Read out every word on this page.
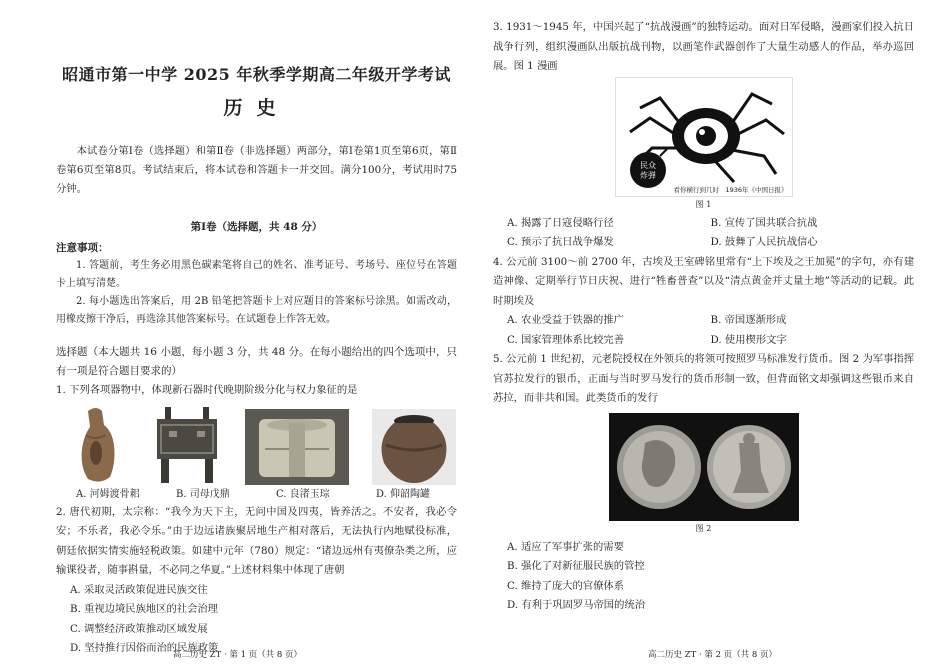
昭通市第一中学 2025 年秋季学期高二年级开学考试

历史

本试卷分第Ⅰ卷（选择题）和第Ⅱ卷（非选择题）两部分，第Ⅰ卷第1页至第6页，第Ⅱ卷第6页至第8页。考试结束后，将本试卷和答题卡一并交回。满分100分，考试用时75分钟。

第Ⅰ卷（选择题，共 48 分）

注意事项：

1. 答题前，考生务必用黑色碳素笔将自己的姓名、准考证号、考场号、座位号在答题卡上填写清楚。

2. 每小题选出答案后，用 2B 铅笔把答题卡上对应题目的答案标号涂黑。如需改动，用橡皮擦干净后，再选涂其他答案标号。在试题卷上作答无效。

选择题（本大题共 16 小题，每小题 3 分，共 48 分。在每小题给出的四个选项中，只有一项是符合题目要求的）

1. 下列各项器物中，体现新石器时代晚期阶级分化与权力象征的是

A. 河姆渡骨耜	B. 司母戊鼎	C. 良渚玉琮	D. 仰韶陶罐

2. 唐代初期，太宗称：“我今为天下主，无问中国及四夷，皆养活之。不安者，我必令安；不乐者，我必令乐。”由于边远诸族聚居地生产相对落后，无法执行内地赋役标准，朝廷依据实情实施轻税政策。如建中元年（780）规定：“诸边远州有夷僚杂类之所，应输课役者，随事斟量，不必同之华夏。”上述材料集中体现了唐朝

A. 采取灵活政策促进民族交往

B. 重视边境民族地区的社会治理

C. 调整经济政策推动区域发展

D. 坚持推行因俗而治的民族政策

高二历史 ZT · 第 1 页（共 8 页）

3. 1931～1945 年，中国兴起了“抗战漫画”的独特运动。面对日军侵略，漫画家们投入抗日战争行列，组织漫画队出版抗战刊物，以画笔作武器创作了大量生动感人的作品，举办巡回展。图 1 漫画

民众
炸弹
看你横行到几时　1936年《中国日报》

图 1

A. 揭露了日寇侵略行径	B. 宣传了国共联合抗战
C. 预示了抗日战争爆发	D. 鼓舞了人民抗战信心

4. 公元前 3100～前 2700 年，古埃及王室碑铭里常有“上下埃及之王加冕”的字句，亦有建造神像、定期举行节日庆祝、进行“牲畜普查”以及“清点黄金并丈量土地”等活动的记载。此时期埃及

A. 农业受益于铁器的推广	B. 帝国逐渐形成
C. 国家管理体系比较完善	D. 使用楔形文字

5. 公元前 1 世纪初，元老院授权在外领兵的将领可按照罗马标准发行货币。图 2 为军事指挥官苏拉发行的银币，正面与当时罗马发行的货币形制一致，但背面铭文却强调这些银币来自苏拉，而非共和国。此类货币的发行

图 2

A. 适应了军事扩张的需要

B. 强化了对新征服民族的管控

C. 维持了庞大的官僚体系

D. 有利于巩固罗马帝国的统治

高二历史 ZT · 第 2 页（共 8 页）
